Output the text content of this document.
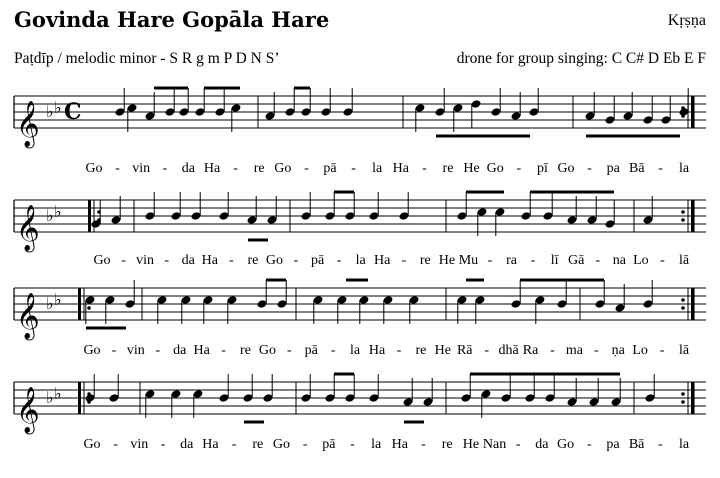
Govinda Hare Gopāla Hare	Kṛṣṇa
Paṭdīp / melodic minor - S R g m P D N S’	drone for group singing: C C# D Eb E F
𝄞 ♭ ♭ C
Go - vin - da Ha - re Go - pā - la Ha - re He Go - pī Go - pa Bā - la
𝄞 ♭ ♭
Go - vin - da Ha - re Go - pā - la Ha - re He Mu - ra - lī Gā - na Lo - lā
𝄞 ♭ ♭
Go - vin - da Ha - re Go - pā - la Ha - re He Rā - dhā Ra - ma - ṇa Lo - lā
𝄞 ♭ ♭
Go - vin - da Ha - re Go - pā - la Ha - re He Nan - da Go - pa Bā - la
